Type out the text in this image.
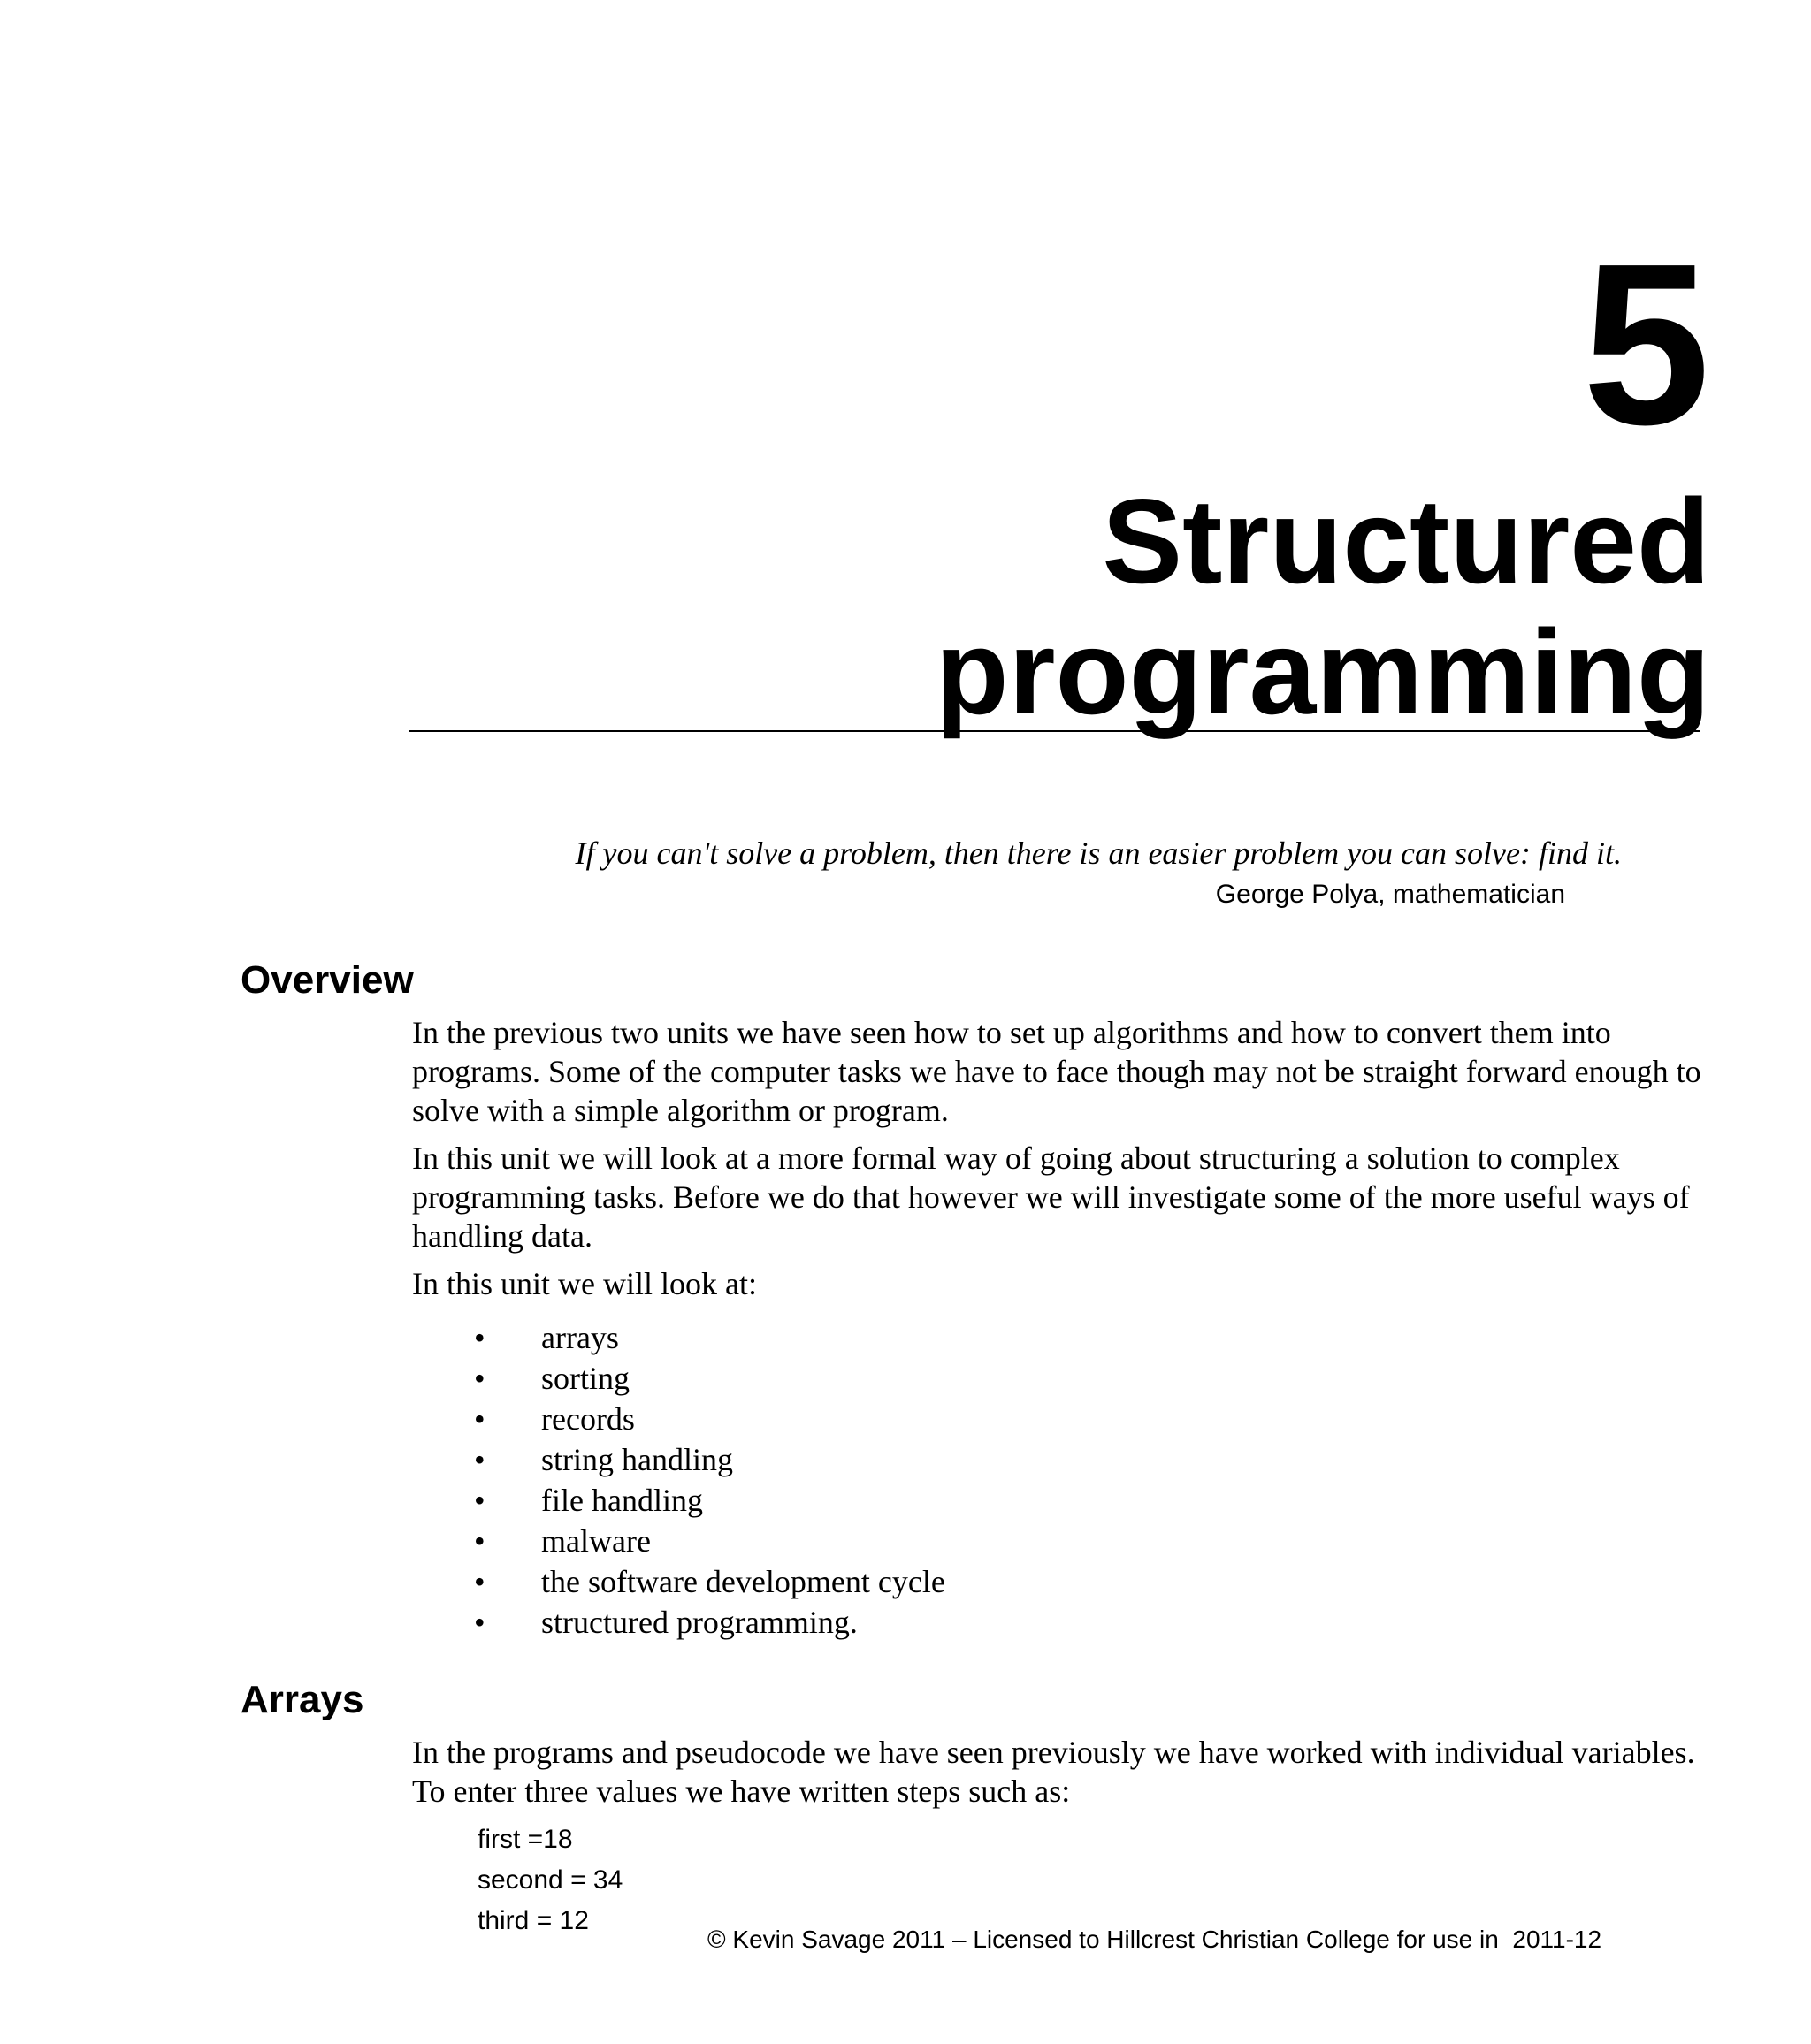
5
Structured
programming

If you can't solve a problem, then there is an easier problem you can solve: find it.

George Polya, mathematician

Overview

In the previous two units we have seen how to set up algorithms and how to convert them into programs. Some of the computer tasks we have to face though may not be straight forward enough to solve with a simple algorithm or program.

In this unit we will look at a more formal way of going about structuring a solution to complex programming tasks. Before we do that however we will investigate some of the more useful ways of handling data.

In this unit we will look at:

• arrays
• sorting
• records
• string handling
• file handling
• malware
• the software development cycle
• structured programming.
Arrays

In the programs and pseudocode we have seen previously we have worked with individual variables. To enter three values we have written steps such as:

first =18
second = 34
third = 12
© Kevin Savage 2011 – Licensed to Hillcrest Christian College for use in  2011-12
